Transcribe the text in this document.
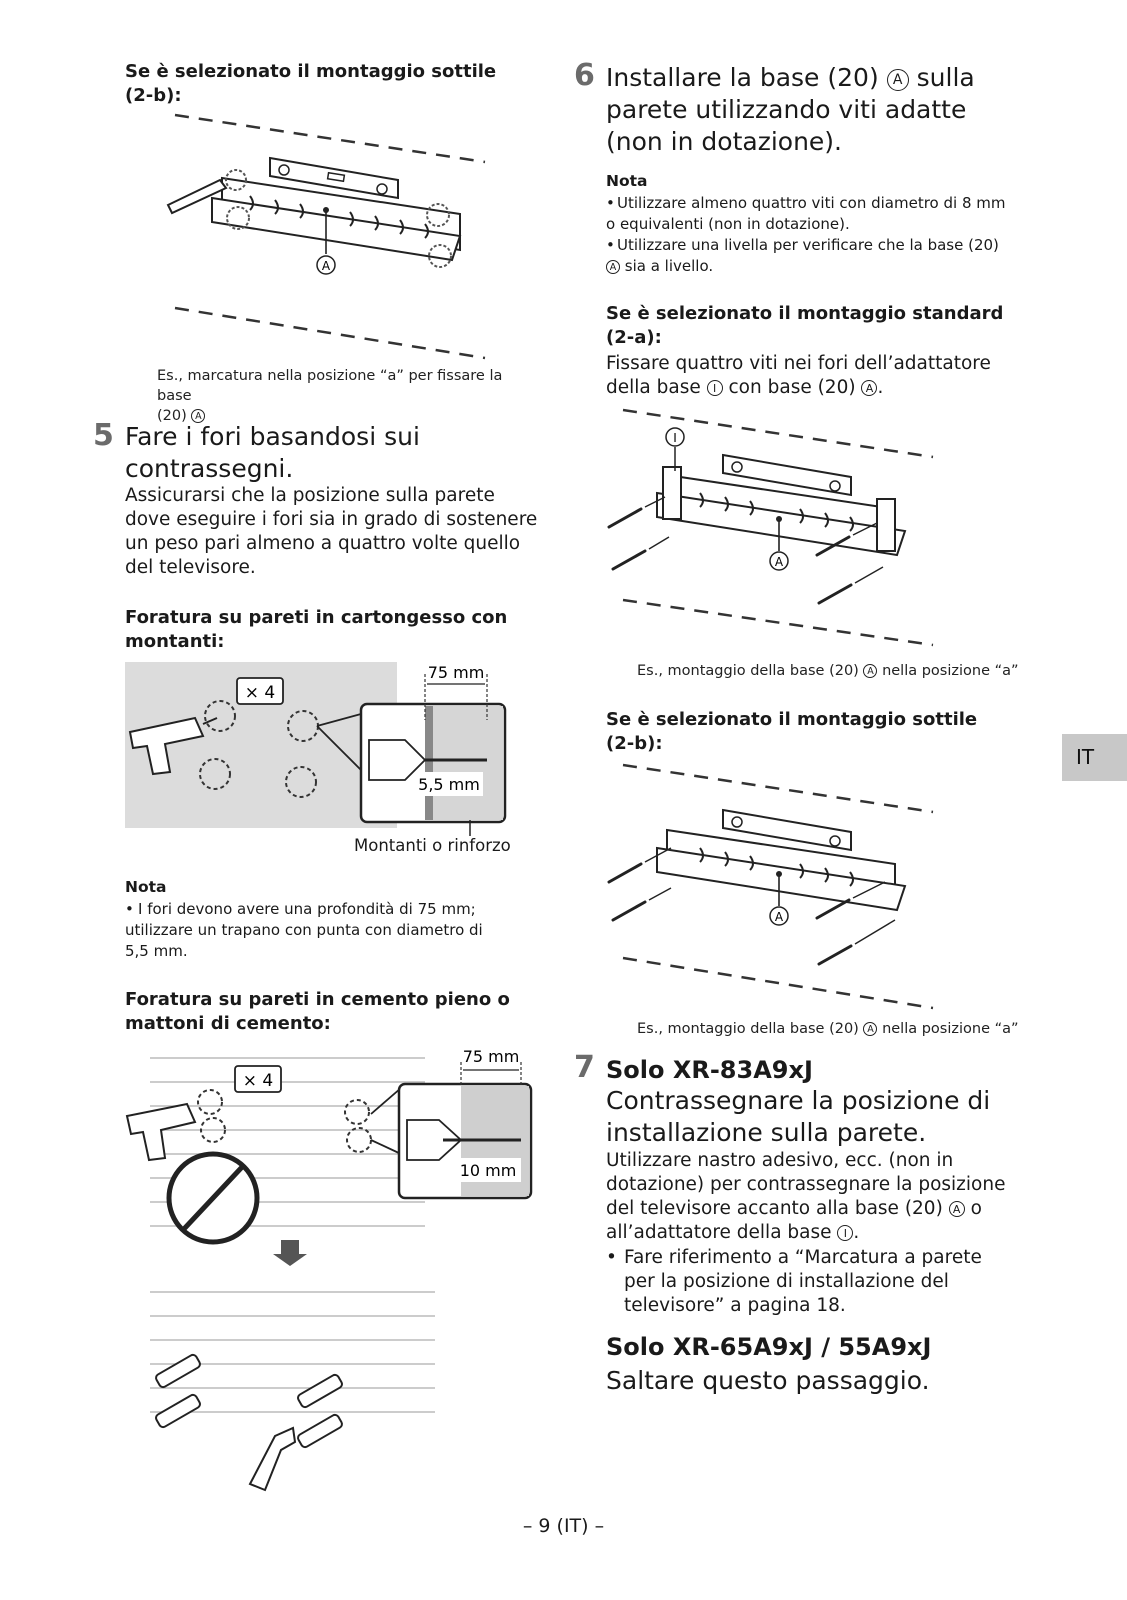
Se è selezionato il montaggio sottile (2-b):
A
Es., marcatura nella posizione “a” per fissare la base
(20) A
5 Fare i fori basandosi sui contrassegni.
Assicurarsi che la posizione sulla parete dove eseguire i fori sia in grado di sostenere un peso pari almeno a quattro volte quello del televisore.
Foratura su pareti in cartongesso con montanti:
× 4
75 mm
5,5 mm
Montanti o rinforzo
Nota
• I fori devono avere una profondità di 75 mm; utilizzare un trapano con punta con diametro di 5,5 mm.
Foratura su pareti in cemento pieno o mattoni di cemento:
× 4
75 mm
10 mm
6 Installare la base (20) A sulla parete utilizzando viti adatte (non in dotazione).
Nota
• Utilizzare almeno quattro viti con diametro di 8 mm o equivalenti (non in dotazione).
• Utilizzare una livella per verificare che la base (20) A sia a livello.
Se è selezionato il montaggio standard (2-a):
Fissare quattro viti nei fori dell’adattatore della base I con base (20) A .
I
A
Es., montaggio della base (20) A nella posizione “a”
Se è selezionato il montaggio sottile (2-b):
A
Es., montaggio della base (20) A nella posizione “a”
7 Solo XR-83A9xJ
Contrassegnare la posizione di installazione sulla parete.
Utilizzare nastro adesivo, ecc. (non in dotazione) per contrassegnare la posizione del televisore accanto alla base (20) A o all’adattatore della base I .
• Fare riferimento a “Marcatura a parete per la posizione di installazione del televisore” a pagina 18.
Solo XR-65A9xJ / 55A9xJ
Saltare questo passaggio.
IT
– 9 (IT) –
